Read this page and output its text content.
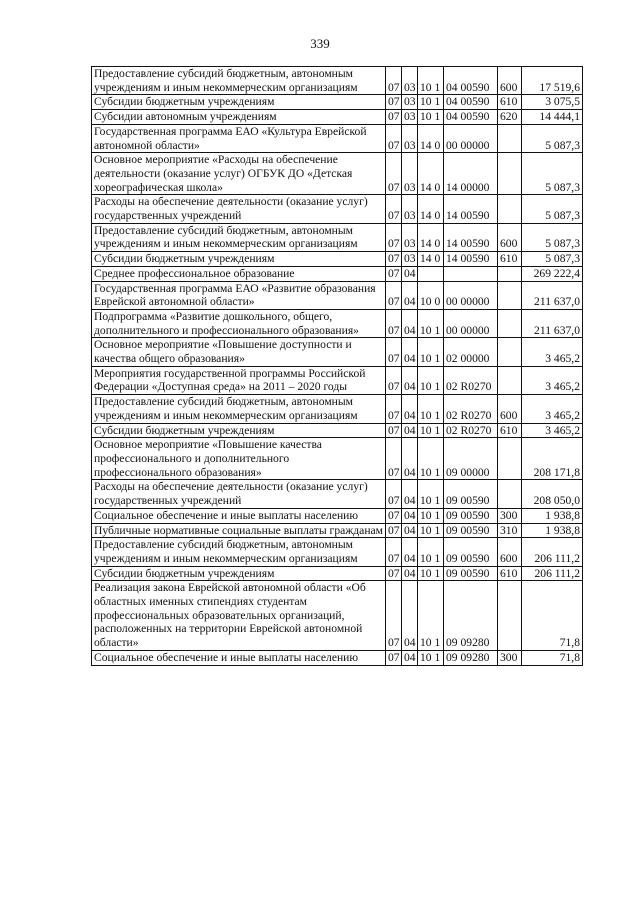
339
Предоставление субсидий бюджетным, автономным учреждениям и иным некоммерческим организациям	07	03	10 1	04 00590	600	17 519,6
Субсидии бюджетным учреждениям	07	03	10 1	04 00590	610	3 075,5
Субсидии автономным учреждениям	07	03	10 1	04 00590	620	14 444,1
Государственная программа ЕАО «Культура Еврейской автономной области»	07	03	14 0	00 00000		5 087,3
Основное мероприятие «Расходы на обеспечение деятельности (оказание услуг) ОГБУК ДО «Детская хореографическая школа»	07	03	14 0	14 00000		5 087,3
Расходы на обеспечение деятельности (оказание услуг) государственных учреждений	07	03	14 0	14 00590		5 087,3
Предоставление субсидий бюджетным, автономным учреждениям и иным некоммерческим организациям	07	03	14 0	14 00590	600	5 087,3
Субсидии бюджетным учреждениям	07	03	14 0	14 00590	610	5 087,3
Среднее профессиональное образование	07	04				269 222,4
Государственная программа ЕАО «Развитие образования Еврейской автономной области»	07	04	10 0	00 00000		211 637,0
Подпрограмма «Развитие дошкольного, общего, дополнительного и профессионального образования»	07	04	10 1	00 00000		211 637,0
Основное мероприятие «Повышение доступности и качества общего образования»	07	04	10 1	02 00000		3 465,2
Мероприятия государственной программы Российской Федерации «Доступная среда» на 2011 – 2020 годы	07	04	10 1	02 R0270		3 465,2
Предоставление субсидий бюджетным, автономным учреждениям и иным некоммерческим организациям	07	04	10 1	02 R0270	600	3 465,2
Субсидии бюджетным учреждениям	07	04	10 1	02 R0270	610	3 465,2
Основное мероприятие «Повышение качества профессионального и дополнительного профессионального образования»	07	04	10 1	09 00000		208 171,8
Расходы на обеспечение деятельности (оказание услуг) государственных учреждений	07	04	10 1	09 00590		208 050,0
Социальное обеспечение и иные выплаты населению	07	04	10 1	09 00590	300	1 938,8
Публичные нормативные социальные выплаты гражданам	07	04	10 1	09 00590	310	1 938,8
Предоставление субсидий бюджетным, автономным учреждениям и иным некоммерческим организациям	07	04	10 1	09 00590	600	206 111,2
Субсидии бюджетным учреждениям	07	04	10 1	09 00590	610	206 111,2
Реализация закона Еврейской автономной области «Об областных именных стипендиях студентам профессиональных образовательных организаций, расположенных на территории Еврейской автономной области»	07	04	10 1	09 09280		71,8
Социальное обеспечение и иные выплаты населению	07	04	10 1	09 09280	300	71,8
